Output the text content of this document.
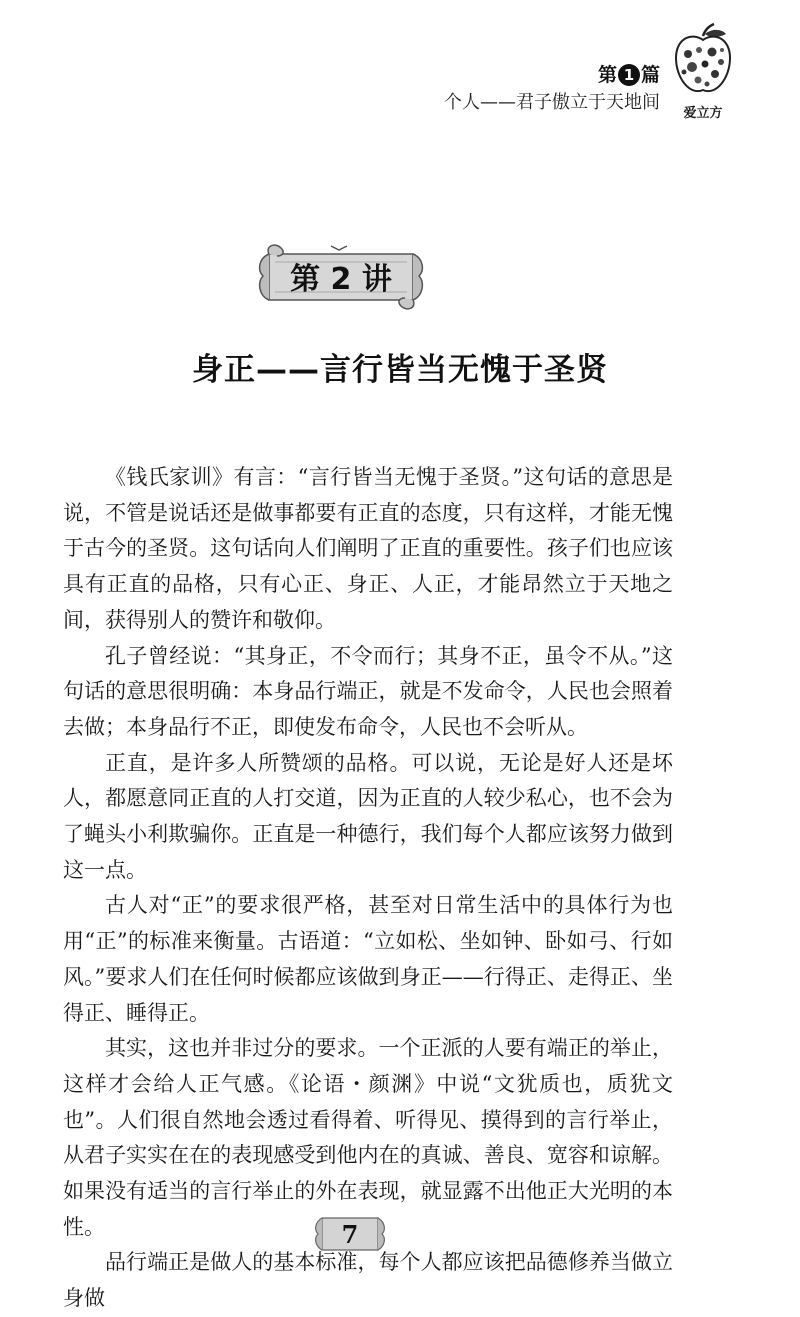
第 1 篇
个人——君子傲立于天地间
爱立方
第 2 讲
身正——言行皆当无愧于圣贤

《钱氏家训》有言：“言行皆当无愧于圣贤。”这句话的意思是说，不管是说话还是做事都要有正直的态度，只有这样，才能无愧于古今的圣贤。这句话向人们阐明了正直的重要性。孩子们也应该具有正直的品格，只有心正、身正、人正，才能昂然立于天地之间，获得别人的赞许和敬仰。

孔子曾经说：“其身正，不令而行；其身不正，虽令不从。”这句话的意思很明确：本身品行端正，就是不发命令，人民也会照着去做；本身品行不正，即使发布命令，人民也不会听从。

正直，是许多人所赞颂的品格。可以说，无论是好人还是坏人，都愿意同正直的人打交道，因为正直的人较少私心，也不会为了蝇头小利欺骗你。正直是一种德行，我们每个人都应该努力做到这一点。

古人对“正”的要求很严格，甚至对日常生活中的具体行为也用“正”的标准来衡量。古语道：“立如松、坐如钟、卧如弓、行如风。”要求人们在任何时候都应该做到身正——行得正、走得正、坐得正、睡得正。

其实，这也并非过分的要求。一个正派的人要有端正的举止，这样才会给人正气感。《论语・颜渊》中说“文犹质也，质犹文也”。人们很自然地会透过看得着、听得见、摸得到的言行举止，从君子实实在在的表现感受到他内在的真诚、善良、宽容和谅解。如果没有适当的言行举止的外在表现，就显露不出他正大光明的本性。

品行端正是做人的基本标准，每个人都应该把品德修养当做立身做

7
